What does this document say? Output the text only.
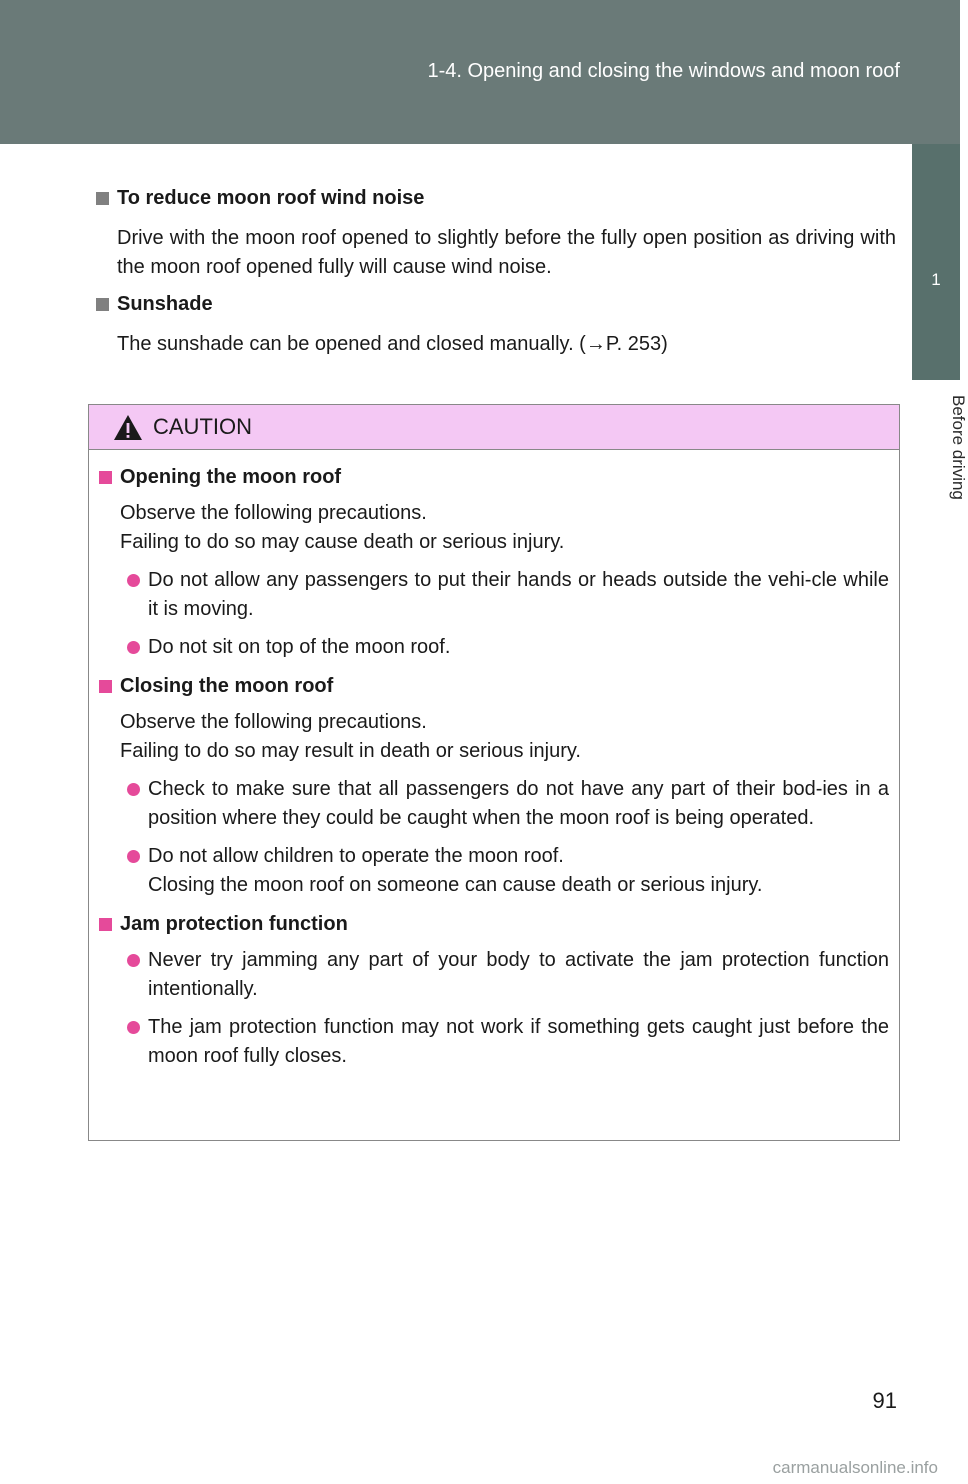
1-4. Opening and closing the windows and moon roof
1
Before driving
To reduce moon roof wind noise
Drive with the moon roof opened to slightly before the fully open position as driving with the moon roof opened fully will cause wind noise.
Sunshade
The sunshade can be opened and closed manually. (→P. 253)
CAUTION
Opening the moon roof
Observe the following precautions.
Failing to do so may cause death or serious injury.
Do not allow any passengers to put their hands or heads outside the vehi-cle while it is moving.
Do not sit on top of the moon roof.
Closing the moon roof
Observe the following precautions.
Failing to do so may result in death or serious injury.
Check to make sure that all passengers do not have any part of their bod-ies in a position where they could be caught when the moon roof is being operated.
Do not allow children to operate the moon roof.
Closing the moon roof on someone can cause death or serious injury.
Jam protection function
Never try jamming any part of your body to activate the jam protection function intentionally.
The jam protection function may not work if something gets caught just before the moon roof fully closes.
91
carmanualsonline.info
